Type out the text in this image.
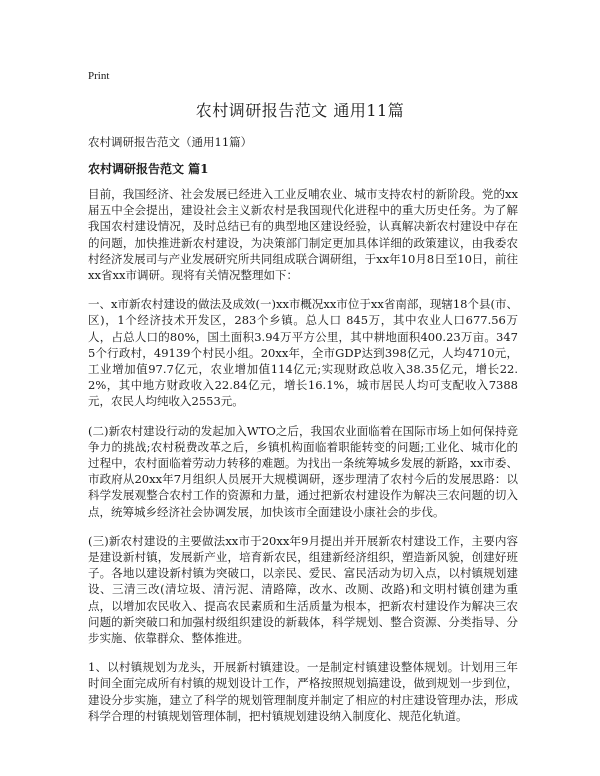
Print
农村调研报告范文 通用11篇
农村调研报告范文（通用11篇）
农村调研报告范文 篇1

目前，我国经济、社会发展已经进入工业反哺农业、城市支持农村的新阶段。党的xx届五中全会提出，建设社会主义新农村是我国现代化进程中的重大历史任务。为了解我国农村建设情况，及时总结已有的典型地区建设经验，认真解决新农村建设中存在的问题，加快推进新农村建设，为决策部门制定更加具体详细的政策建议，由我委农村经济发展司与产业发展研究所共同组成联合调研组，于xx年10月8日至10日，前往xx省xx市调研。现将有关情况整理如下：

一、x市新农村建设的做法及成效(一)xx市概况xx市位于xx省南部，现辖18个县(市、区)，1个经济技术开发区，283个乡镇。总人口 845万，其中农业人口677.56万人，占总人口的80%，国土面积3.94万平方公里，其中耕地面积400.23万亩。3475个行政村，49139个村民小组。20xx年，全市GDP达到398亿元，人均4710元，工业增加值97.7亿元，农业增加值114亿元;实现财政总收入38.35亿元，增长22.2%，其中地方财政收入22.84亿元，增长16.1%，城市居民人均可支配收入7388元，农民人均纯收入2553元。

(二)新农村建设行动的发起加入WTO之后，我国农业面临着在国际市场上如何保持竞争力的挑战;农村税费改革之后，乡镇机构面临着职能转变的问题;工业化、城市化的过程中，农村面临着劳动力转移的难题。为找出一条统筹城乡发展的新路，xx市委、市政府从20xx年7月组织人员展开大规模调研，逐步理清了农村今后的发展思路：以科学发展观整合农村工作的资源和力量，通过把新农村建设作为解决三农问题的切入点，统筹城乡经济社会协调发展，加快该市全面建设小康社会的步伐。

(三)新农村建设的主要做法xx市于20xx年9月提出并开展新农村建设工作，主要内容是建设新村镇，发展新产业，培育新农民，组建新经济组织，塑造新风貌，创建好班子。各地以建设新村镇为突破口，以亲民、爱民、富民活动为切入点，以村镇规划建设、三清三改(清垃圾、清污泥、清路障，改水、改厕、改路)和文明村镇创建为重点，以增加农民收入、提高农民素质和生活质量为根本，把新农村建设作为解决三农问题的新突破口和加强村级组织建设的新载体，科学规划、整合资源、分类指导、分步实施、依靠群众、整体推进。

1、以村镇规划为龙头，开展新村镇建设。一是制定村镇建设整体规划。计划用三年时间全面完成所有村镇的规划设计工作，严格按照规划搞建设，做到规划一步到位，建设分步实施，建立了科学的规划管理制度并制定了相应的村庄建设管理办法，形成科学合理的村镇规划管理体制，把村镇规划建设纳入制度化、规范化轨道。
